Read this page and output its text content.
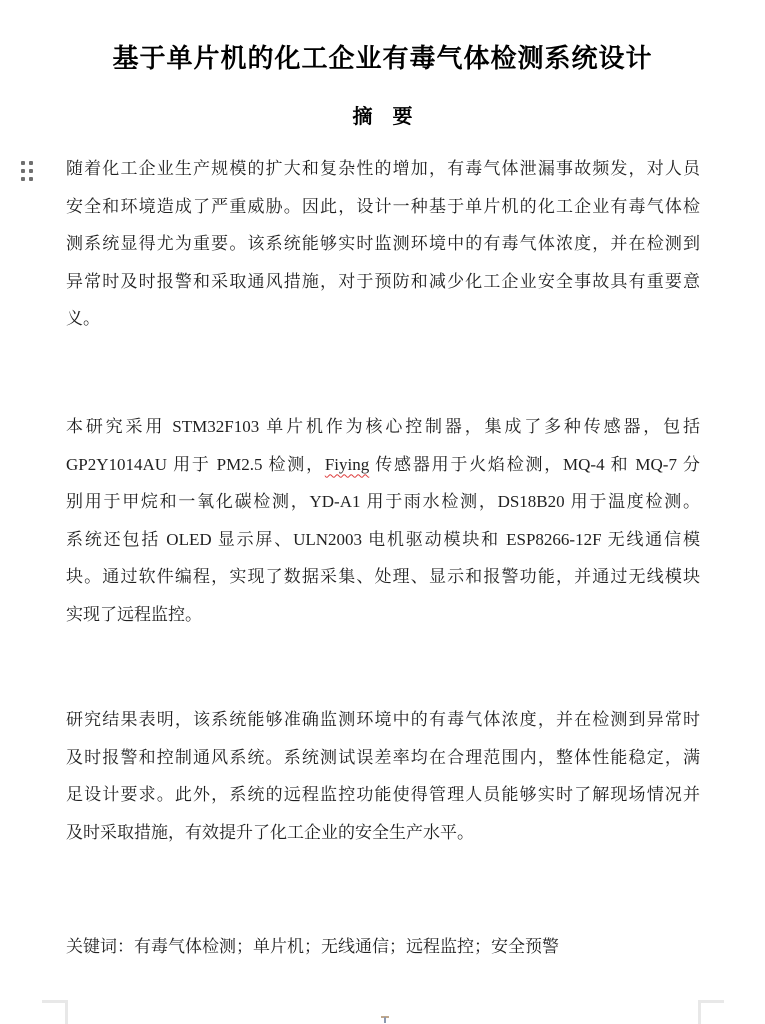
基于单片机的化工企业有毒气体检测系统设计
摘　要
随着化工企业生产规模的扩大和复杂性的增加，有毒气体泄漏事故频发，对人员
安全和环境造成了严重威胁。因此，设计一种基于单片机的化工企业有毒气体检
测系统显得尤为重要。该系统能够实时监测环境中的有毒气体浓度，并在检测到
异常时及时报警和采取通风措施，对于预防和减少化工企业安全事故具有重要意
义。
本研究采用 STM32F103 单片机作为核心控制器，集成了多种传感器，包括
GP2Y1014AU 用于 PM2.5 检测，Fiying 传感器用于火焰检测，MQ-4 和 MQ-7 分
别用于甲烷和一氧化碳检测，YD-A1 用于雨水检测，DS18B20 用于温度检测。
系统还包括 OLED 显示屏、ULN2003 电机驱动模块和 ESP8266-12F 无线通信模
块。通过软件编程，实现了数据采集、处理、显示和报警功能，并通过无线模块
实现了远程监控。
研究结果表明，该系统能够准确监测环境中的有毒气体浓度，并在检测到异常时
及时报警和控制通风系统。系统测试误差率均在合理范围内，整体性能稳定，满
足设计要求。此外，系统的远程监控功能使得管理人员能够实时了解现场情况并
及时采取措施，有效提升了化工企业的安全生产水平。
关键词：有毒气体检测；单片机；无线通信；远程监控；安全预警
